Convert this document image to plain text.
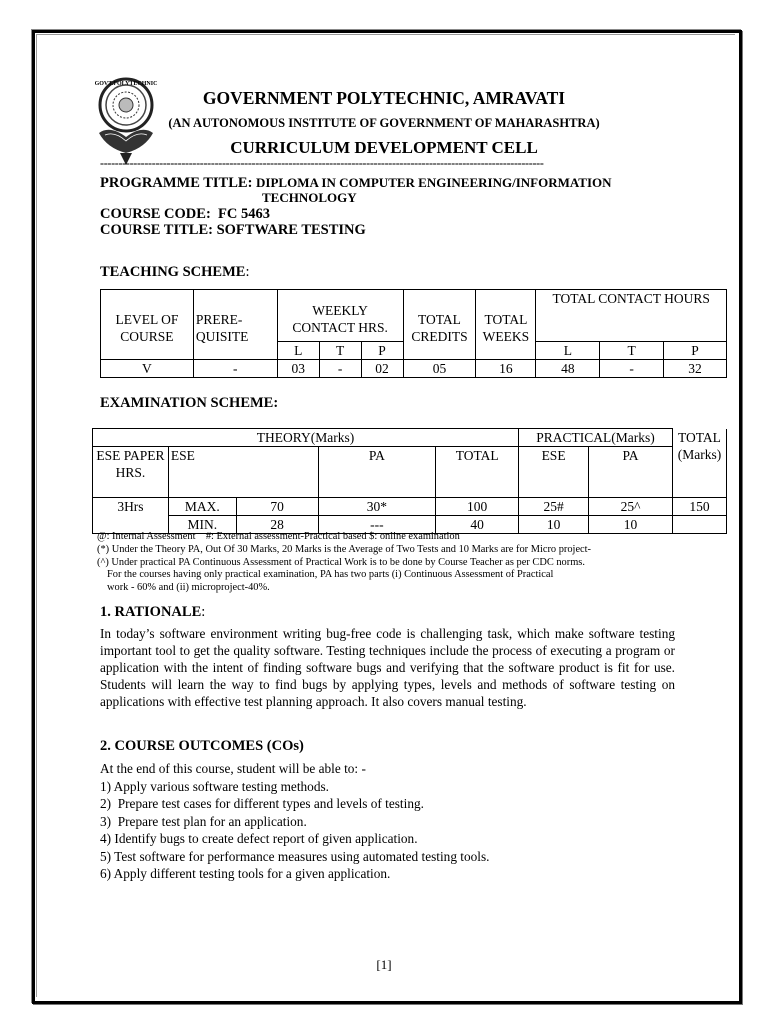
GOVT.POLYTECHNIC
GOVERNMENT POLYTECHNIC, AMRAVATI
(AN AUTONOMOUS INSTITUTE OF GOVERNMENT OF MAHARASHTRA)
CURRICULUM DEVELOPMENT CELL
------------------------------------------------------------------------------------------------------------------------
PROGRAMME TITLE: DIPLOMA IN COMPUTER ENGINEERING/INFORMATION
TECHNOLOGY
COURSE CODE: FC 5463
COURSE TITLE: SOFTWARE TESTING
TEACHING SCHEME:
LEVEL OF COURSE	PRERE- QUISITE	WEEKLY CONTACT HRS.			TOTAL CREDITS	TOTAL WEEKS	TOTAL CONTACT HOURS		
		L	T	P			L	T	P
V	-	03	-	02	05	16	48	-	32
EXAMINATION SCHEME:
THEORY(Marks)					PRACTICAL(Marks)		TOTAL (Marks)
ESE PAPER HRS.	ESE		PA	TOTAL	ESE	PA	
3Hrs	MAX.	70	30*	100	25#	25^	150
	MIN.	28	---	40	10	10	
@: Internal Assessment    #: External assessment-Practical based $: online examination
(*) Under the Theory PA, Out Of 30 Marks, 20 Marks is the Average of Two Tests and 10 Marks are for Micro project-
(^) Under practical PA Continuous Assessment of Practical Work is to be done by Course Teacher as per CDC norms.
For the courses having only practical examination, PA has two parts (i) Continuous Assessment of Practical
work - 60% and (ii) microproject-40%.
1. RATIONALE:
In today’s software environment writing bug-free code is challenging task, which make software testing important tool to get the quality software. Testing techniques include the process of executing a program or application with the intent of finding software bugs and verifying that the software product is fit for use. Students will learn the way to find bugs by applying types, levels and methods of software testing on applications with effective test planning approach. It also covers manual testing.
2. COURSE OUTCOMES (COs)
At the end of this course, student will be able to: -
1) Apply various software testing methods.
2)  Prepare test cases for different types and levels of testing.
3)  Prepare test plan for an application.
4) Identify bugs to create defect report of given application.
5) Test software for performance measures using automated testing tools.
6) Apply different testing tools for a given application.
[1]
